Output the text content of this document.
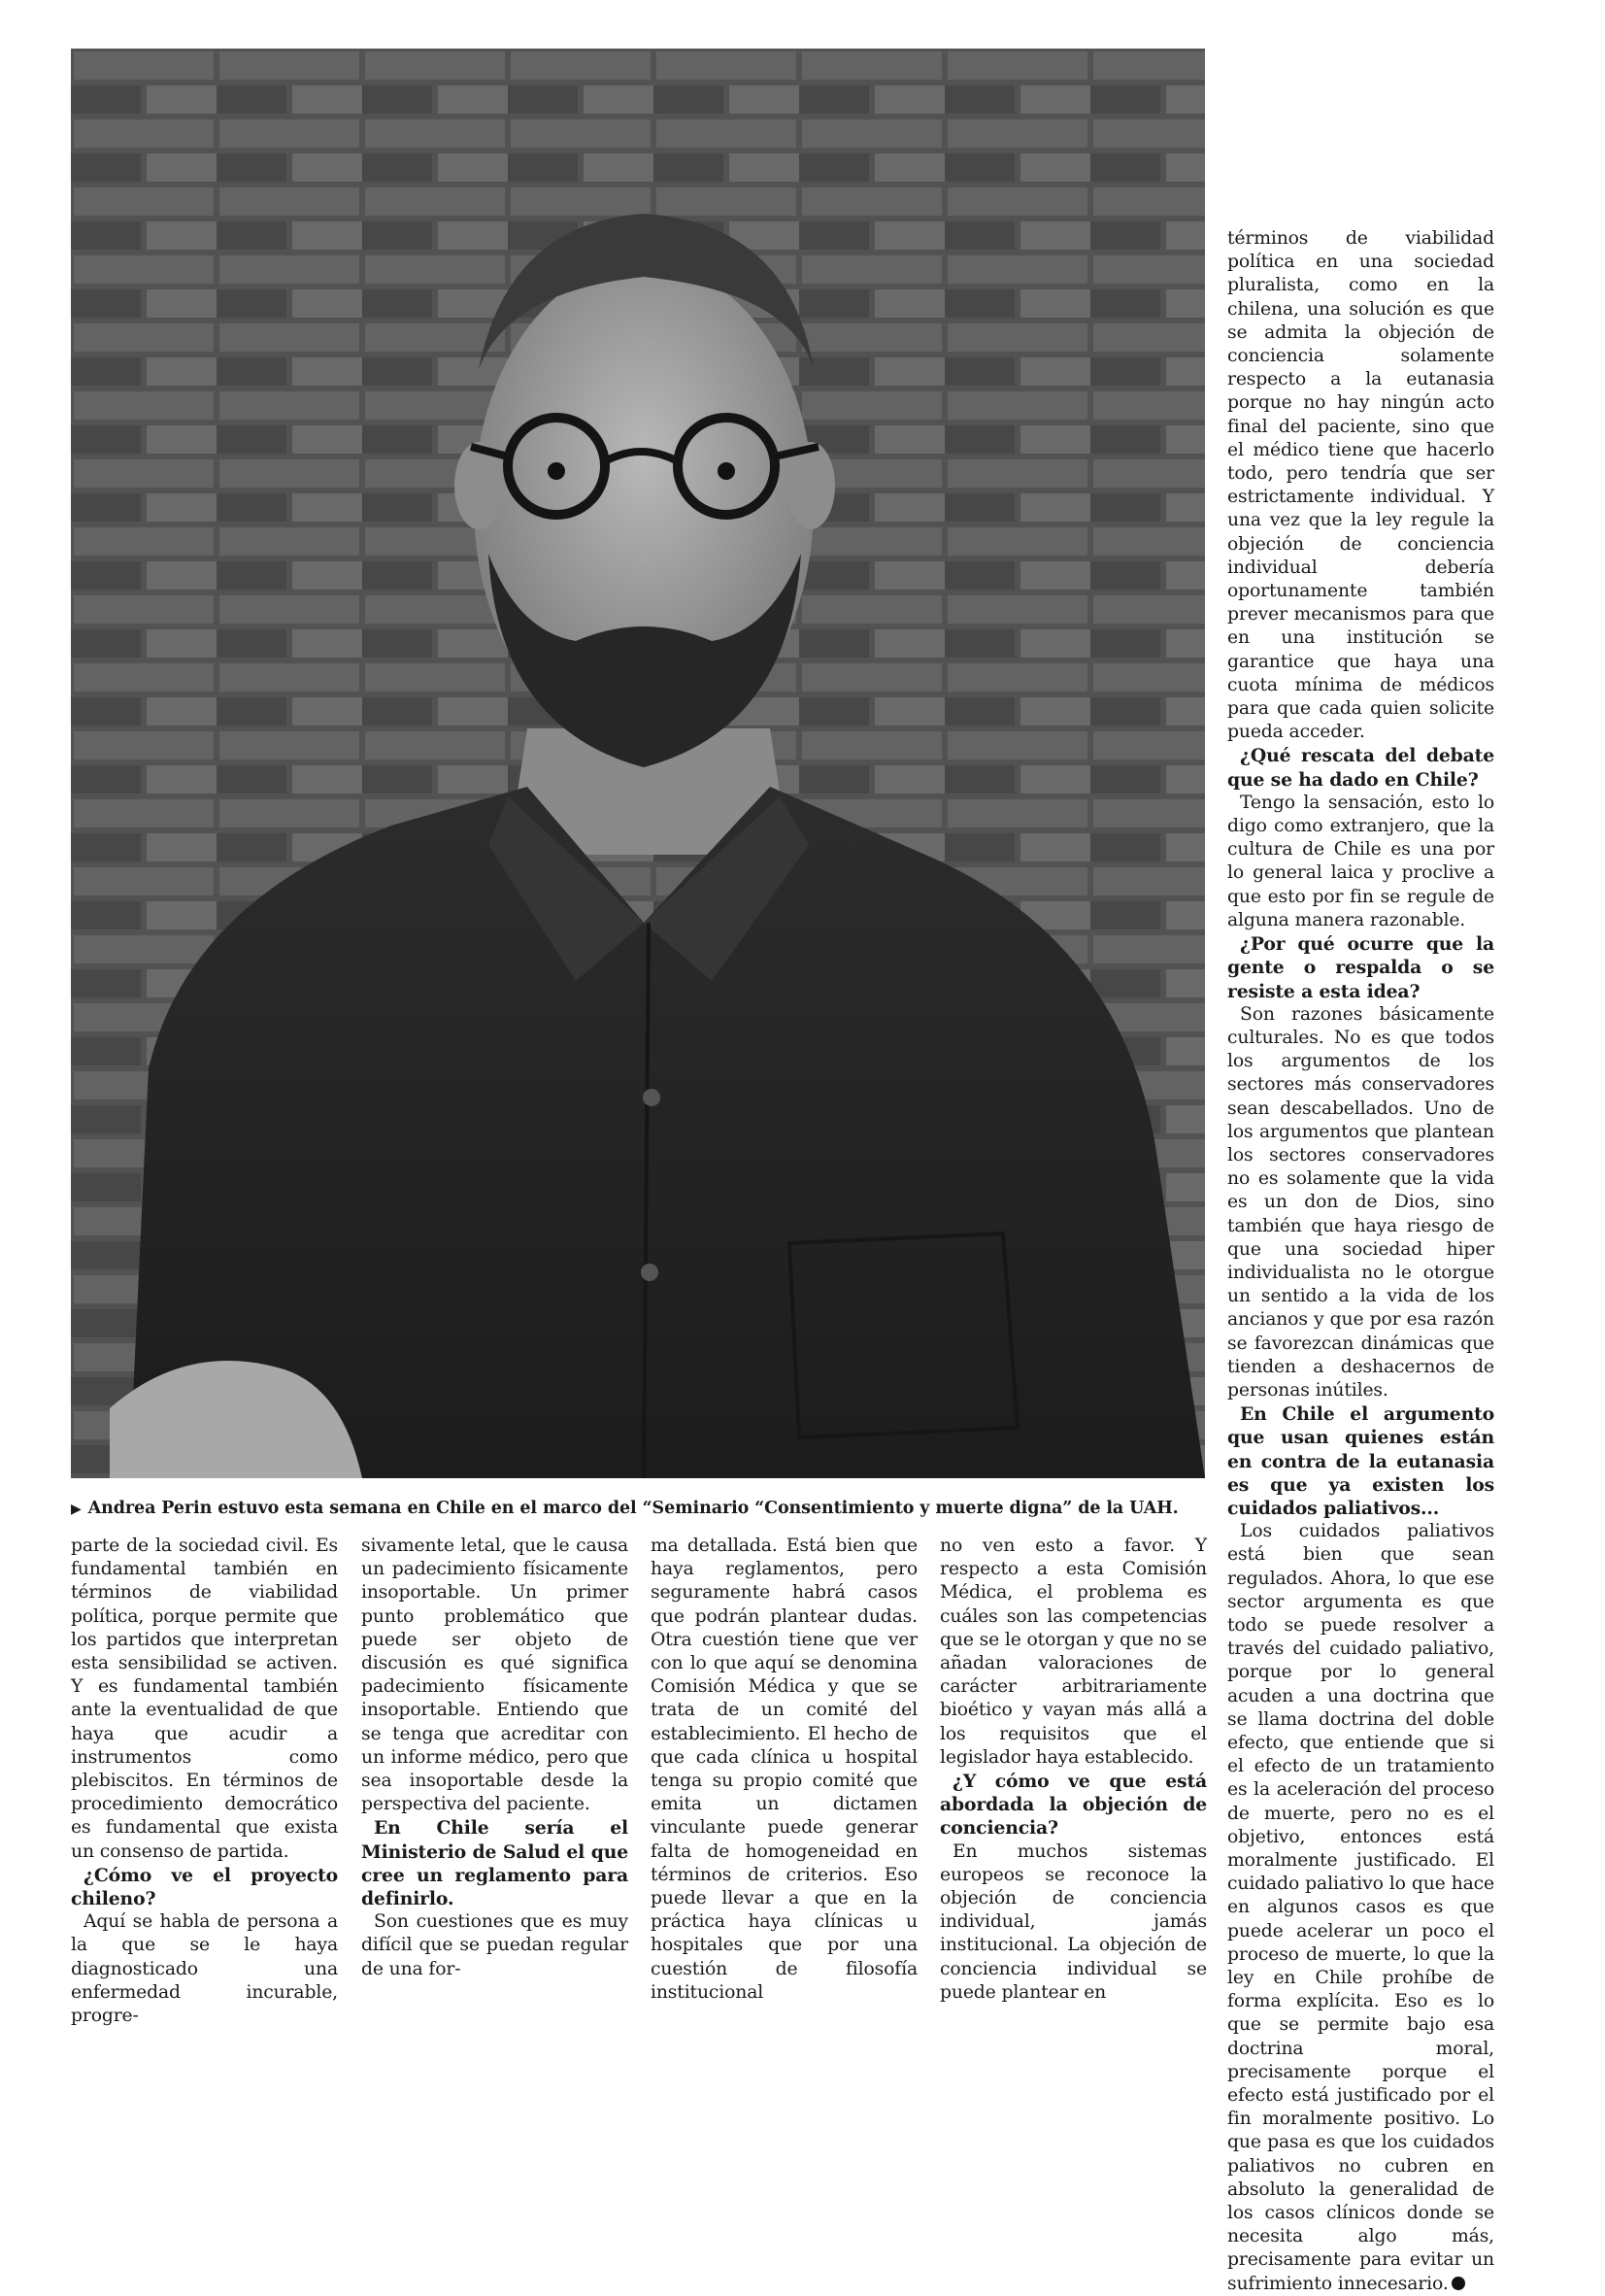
▶ Andrea Perin estuvo esta semana en Chile en el marco del “Seminario “Consentimiento y muerte digna” de la UAH.

parte de la sociedad civil. Es fundamental también en términos de viabilidad política, porque permite que los partidos que interpretan esta sensibilidad se activen. Y es fundamental también ante la eventualidad de que haya que acudir a instrumentos como plebiscitos. En términos de procedimiento democrático es fundamental que exista un consenso de partida.

¿Cómo ve el proyecto chileno?

Aquí se habla de persona a la que se le haya diagnosticado una enfermedad incurable, progre-

sivamente letal, que le causa un padecimiento físicamente insoportable. Un primer punto problemático que puede ser objeto de discusión es qué significa padecimiento físicamente insoportable. Entiendo que se tenga que acreditar con un informe médico, pero que sea insoportable desde la perspectiva del paciente.

En Chile sería el Ministerio de Salud el que cree un reglamento para definirlo.

Son cuestiones que es muy difícil que se puedan regular de una for-

ma detallada. Está bien que haya reglamentos, pero seguramente habrá casos que podrán plantear dudas. Otra cuestión tiene que ver con lo que aquí se denomina Comisión Médica y que se trata de un comité del establecimiento. El hecho de que cada clínica u hospital tenga su propio comité que emita un dictamen vinculante puede generar falta de homogeneidad en términos de criterios. Eso puede llevar a que en la práctica haya clínicas u hospitales que por una cuestión de filosofía institucional

no ven esto a favor. Y respecto a esta Comisión Médica, el problema es cuáles son las competencias que se le otorgan y que no se añadan valoraciones de carácter arbitrariamente bioético y vayan más allá a los requisitos que el legislador haya establecido.

¿Y cómo ve que está abordada la objeción de conciencia?

En muchos sistemas europeos se reconoce la objeción de conciencia individual, jamás institucional. La objeción de conciencia individual se puede plantear en

términos de viabilidad política en una sociedad pluralista, como en la chilena, una solución es que se admita la objeción de conciencia solamente respecto a la eutanasia porque no hay ningún acto final del paciente, sino que el médico tiene que hacerlo todo, pero tendría que ser estrictamente individual. Y una vez que la ley regule la objeción de conciencia individual debería oportunamente también prever mecanismos para que en una institución se garantice que haya una cuota mínima de médicos para que cada quien solicite pueda acceder.

¿Qué rescata del debate que se ha dado en Chile?

Tengo la sensación, esto lo digo como extranjero, que la cultura de Chile es una por lo general laica y proclive a que esto por fin se regule de alguna manera razonable.

¿Por qué ocurre que la gente o respalda o se resiste a esta idea?

Son razones básicamente culturales. No es que todos los argumentos de los sectores más conservadores sean descabellados. Uno de los argumentos que plantean los sectores conservadores no es solamente que la vida es un don de Dios, sino también que haya riesgo de que una sociedad hiper individualista no le otorgue un sentido a la vida de los ancianos y que por esa razón se favorezcan dinámicas que tienden a deshacernos de personas inútiles.

En Chile el argumento que usan quienes están en contra de la eutanasia es que ya existen los cuidados paliativos...

Los cuidados paliativos está bien que sean regulados. Ahora, lo que ese sector argumenta es que todo se puede resolver a través del cuidado paliativo, porque por lo general acuden a una doctrina que se llama doctrina del doble efecto, que entiende que si el efecto de un tratamiento es la aceleración del proceso de muerte, pero no es el objetivo, entonces está moralmente justificado. El cuidado paliativo lo que hace en algunos casos es que puede acelerar un poco el proceso de muerte, lo que la ley en Chile prohíbe de forma explícita. Eso es lo que se permite bajo esa doctrina moral, precisamente porque el efecto está justificado por el fin moralmente positivo. Lo que pasa es que los cuidados paliativos no cubren en absoluto la generalidad de los casos clínicos donde se necesita algo más, precisamente para evitar un sufrimiento innecesario.
